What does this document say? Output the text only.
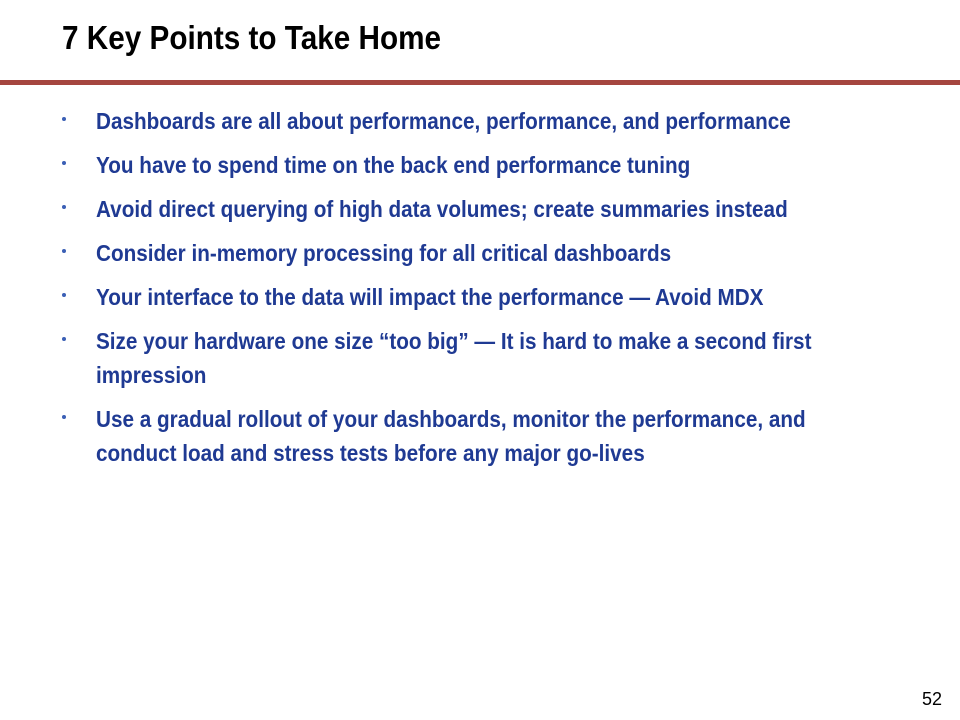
7 Key Points to Take Home
Dashboards are all about performance, performance, and performance
You have to spend time on the back end performance tuning
Avoid direct querying of high data volumes; create summaries instead
Consider in-memory processing for all critical dashboards
Your interface to the data will impact the performance — Avoid MDX
Size your hardware one size “too big” — It is hard to make a second first impression
Use a gradual rollout of your dashboards, monitor the performance, and conduct load and stress tests before any major go-lives
52
